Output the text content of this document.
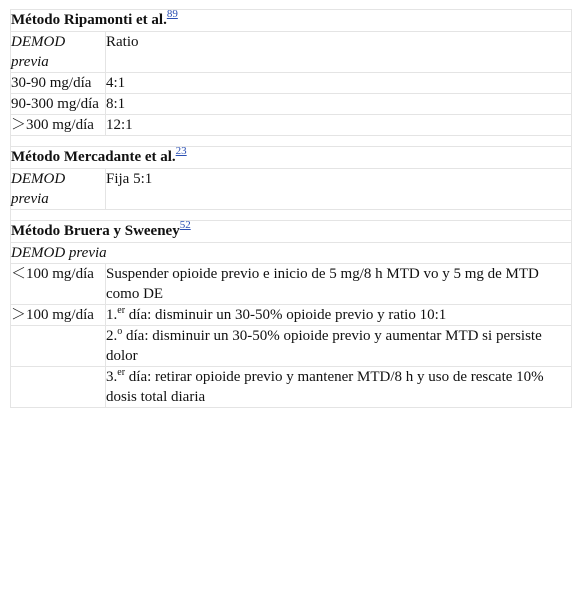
Método Ripamonti et al.$^{89}$
DEMOD previa	Ratio
30-90 mg/día	4:1
90-300 mg/día	8:1
＞300 mg/día	12:1

Método Mercadante et al.$^{23}$
DEMOD previa	Fija 5:1

Método Bruera y Sweeney$^{52}$
DEMOD previa	
＜100 mg/día	Suspender opioide previo e inicio de 5 mg/8 h MTD vo y 5 mg de MTD como DE
＞100 mg/día	1.$^{er}$ día: disminuir un 30-50% opioide previo y ratio 10:1
	2.$^o$ día: disminuir un 30-50% opioide previo y aumentar MTD si persiste dolor
	3.$^{er}$ día: retirar opioide previo y mantener MTD/8 h y uso de rescate 10% dosis total diaria
